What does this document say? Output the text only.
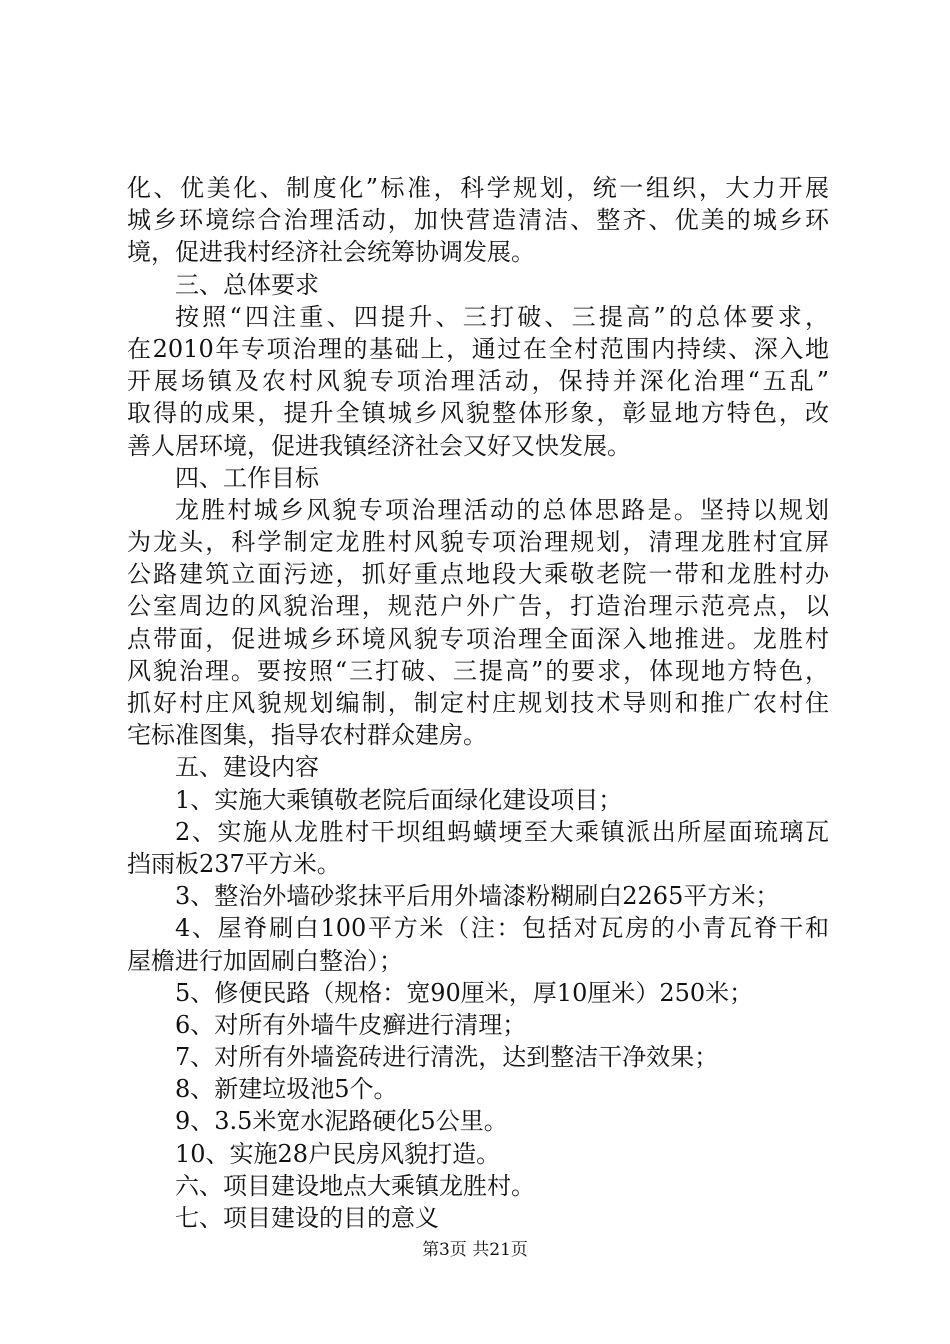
化、优美化、制度化”标准，科学规划，统一组织，大力开展
城乡环境综合治理活动，加快营造清洁、整齐、优美的城乡环
境，促进我村经济社会统筹协调发展。
三、总体要求
按照“四注重、四提升、三打破、三提高”的总体要求，
在2010年专项治理的基础上，通过在全村范围内持续、深入地
开展场镇及农村风貌专项治理活动，保持并深化治理“五乱”
取得的成果，提升全镇城乡风貌整体形象，彰显地方特色，改
善人居环境，促进我镇经济社会又好又快发展。
四、工作目标
龙胜村城乡风貌专项治理活动的总体思路是。坚持以规划
为龙头，科学制定龙胜村风貌专项治理规划，清理龙胜村宜屏
公路建筑立面污迹，抓好重点地段大乘敬老院一带和龙胜村办
公室周边的风貌治理，规范户外广告，打造治理示范亮点，以
点带面，促进城乡环境风貌专项治理全面深入地推进。龙胜村
风貌治理。要按照“三打破、三提高”的要求，体现地方特色，
抓好村庄风貌规划编制，制定村庄规划技术导则和推广农村住
宅标准图集，指导农村群众建房。
五、建设内容
1、实施大乘镇敬老院后面绿化建设项目；
2、实施从龙胜村干坝组蚂蟥埂至大乘镇派出所屋面琉璃瓦
挡雨板237平方米。
3、整治外墙砂浆抹平后用外墙漆粉糊刷白2265平方米；
4、屋脊刷白100平方米（注：包括对瓦房的小青瓦脊干和
屋檐进行加固刷白整治）；
5、修便民路（规格：宽90厘米，厚10厘米）250米；
6、对所有外墙牛皮癣进行清理；
7、对所有外墙瓷砖进行清洗，达到整洁干净效果；
8、新建垃圾池5个。
9、3.5米宽水泥路硬化5公里。
10、实施28户民房风貌打造。
六、项目建设地点大乘镇龙胜村。
七、项目建设的目的意义
第3页 共21页
